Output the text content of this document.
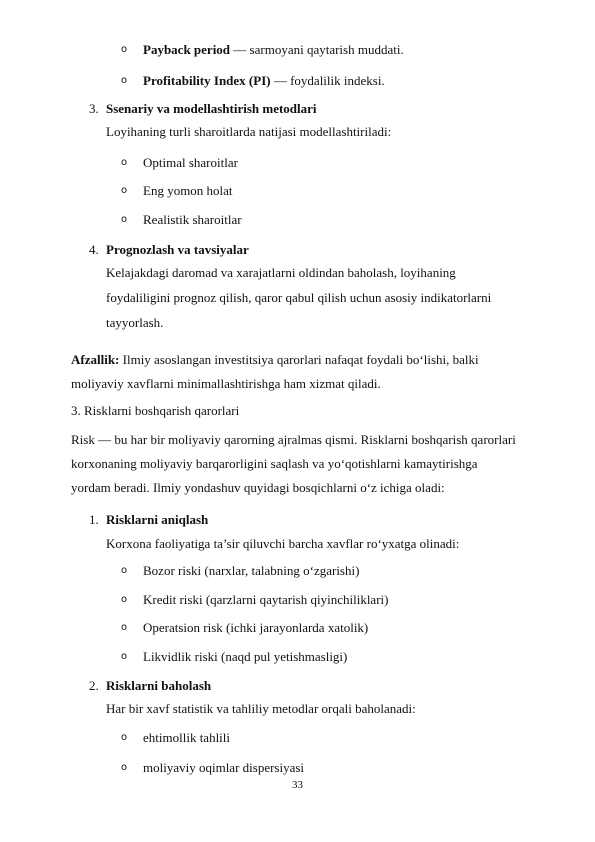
o Payback period — sarmoyani qaytarish muddati.
o Profitability Index (PI) — foydalilik indeksi.
3. Ssenariy va modellashtirish metodlari
Loyihaning turli sharoitlarda natijasi modellashtiriladi:
o Optimal sharoitlar
o Eng yomon holat
o Realistik sharoitlar
4. Prognozlash va tavsiyalar
Kelajakdagi daromad va xarajatlarni oldindan baholash, loyihaning
foydaliligini prognoz qilish, qaror qabul qilish uchun asosiy indikatorlarni
tayyorlash.
Afzallik: Ilmiy asoslangan investitsiya qarorlari nafaqat foydali bo‘lishi, balki
moliyaviy xavflarni minimallashtirishga ham xizmat qiladi.
3. Risklarni boshqarish qarorlari
Risk — bu har bir moliyaviy qarorning ajralmas qismi. Risklarni boshqarish qarorlari
korxonaning moliyaviy barqarorligini saqlash va yo‘qotishlarni kamaytirishga
yordam beradi. Ilmiy yondashuv quyidagi bosqichlarni o‘z ichiga oladi:
1. Risklarni aniqlash
Korxona faoliyatiga ta’sir qiluvchi barcha xavflar ro‘yxatga olinadi:
o Bozor riski (narxlar, talabning o‘zgarishi)
o Kredit riski (qarzlarni qaytarish qiyinchiliklari)
o Operatsion risk (ichki jarayonlarda xatolik)
o Likvidlik riski (naqd pul yetishmasligi)
2. Risklarni baholash
Har bir xavf statistik va tahliliy metodlar orqali baholanadi:
o ehtimollik tahlili
o moliyaviy oqimlar dispersiyasi
33
